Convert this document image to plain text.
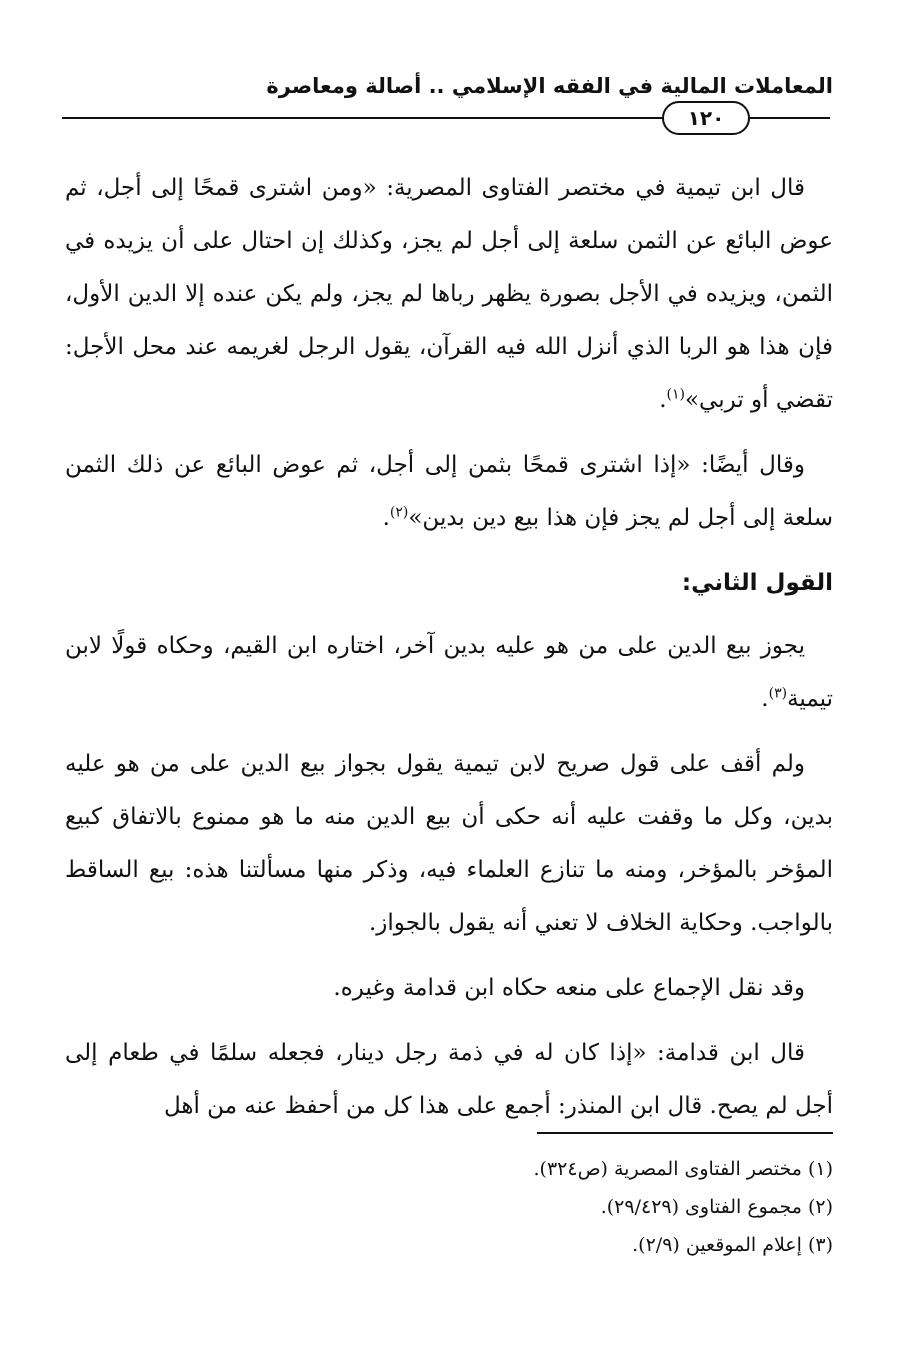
المعاملات المالية في الفقه الإسلامي .. أصالة ومعاصرة
١٢٠

قال ابن تيمية في مختصر الفتاوى المصرية: «ومن اشترى قمحًا إلى أجل، ثم عوض البائع عن الثمن سلعة إلى أجل لم يجز، وكذلك إن احتال على أن يزيده في الثمن، ويزيده في الأجل بصورة يظهر رباها لم يجز، ولم يكن عنده إلا الدين الأول، فإن هذا هو الربا الذي أنزل الله فيه القرآن، يقول الرجل لغريمه عند محل الأجل: تقضي أو تربي»$^{(١)}$.

وقال أيضًا: «إذا اشترى قمحًا بثمن إلى أجل، ثم عوض البائع عن ذلك الثمن سلعة إلى أجل لم يجز فإن هذا بيع دين بدين»$^{(٢)}$.

القول الثاني:

يجوز بيع الدين على من هو عليه بدين آخر، اختاره ابن القيم، وحكاه قولًا لابن تيمية$^{(٣)}$.

ولم أقف على قول صريح لابن تيمية يقول بجواز بيع الدين على من هو عليه بدين، وكل ما وقفت عليه أنه حكى أن بيع الدين منه ما هو ممنوع بالاتفاق كبيع المؤخر بالمؤخر، ومنه ما تنازع العلماء فيه، وذكر منها مسألتنا هذه: بيع الساقط بالواجب. وحكاية الخلاف لا تعني أنه يقول بالجواز.

وقد نقل الإجماع على منعه حكاه ابن قدامة وغيره.

قال ابن قدامة: «إذا كان له في ذمة رجل دينار، فجعله سلمًا في طعام إلى أجل لم يصح. قال ابن المنذر: أجمع على هذا كل من أحفظ عنه من أهل

(١)مختصر الفتاوى المصرية (ص٣٢٤).

(٢)مجموع الفتاوى (٢٩/٤٢٩).

(٣)إعلام الموقعين (٢/٩).
